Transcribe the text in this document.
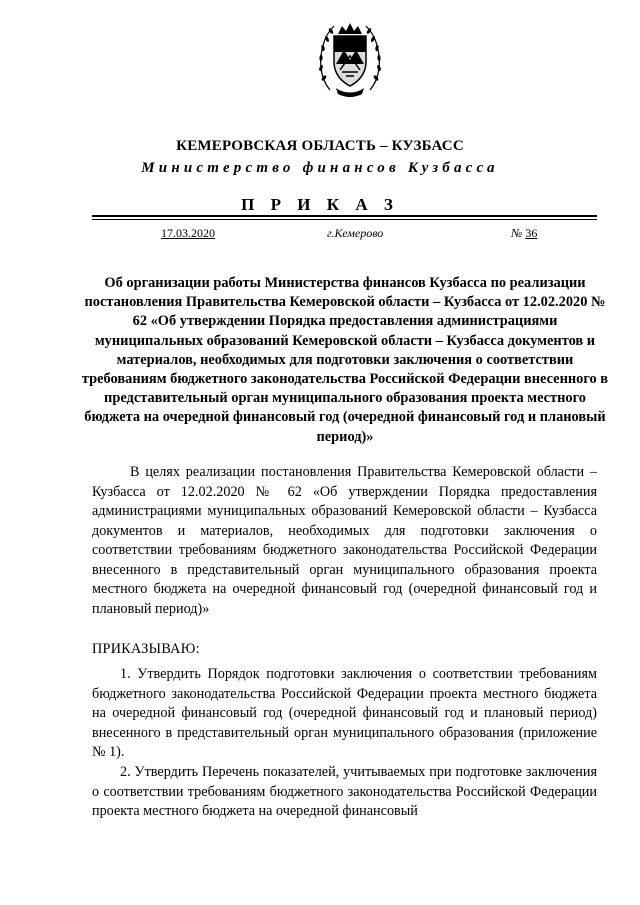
КЕМЕРОВСКАЯ ОБЛАСТЬ – КУЗБАСС
Министерство финансов Кузбасса
П Р И К А З
17.03.2020	г.Кемерово	№ 36
Об организации работы Министерства финансов Кузбасса по реализации постановления Правительства Кемеровской области – Кузбасса от 12.02.2020 № 62 «Об утверждении Порядка предоставления администрациями муниципальных образований Кемеровской области – Кузбасса документов и материалов, необходимых для подготовки заключения о соответствии требованиям бюджетного законодательства Российской Федерации внесенного в представительный орган муниципального образования проекта местного бюджета на очередной финансовый год (очередной финансовый год и плановый период)»
В целях реализации постановления Правительства Кемеровской области – Кузбасса от 12.02.2020 № 62 «Об утверждении Порядка предоставления администрациями муниципальных образований Кемеровской области – Кузбасса документов и материалов, необходимых для подготовки заключения о соответствии требованиям бюджетного законодательства Российской Федерации внесенного в представительный орган муниципального образования проекта местного бюджета на очередной финансовый год (очередной финансовый год и плановый период)»
ПРИКАЗЫВАЮ:
1. Утвердить Порядок подготовки заключения о соответствии требованиям бюджетного законодательства Российской Федерации проекта местного бюджета на очередной финансовый год (очередной финансовый год и плановый период) внесенного в представительный орган муниципального образования (приложение № 1).
2. Утвердить Перечень показателей, учитываемых при подготовке заключения о соответствии требованиям бюджетного законодательства Российской Федерации проекта местного бюджета на очередной финансовый
